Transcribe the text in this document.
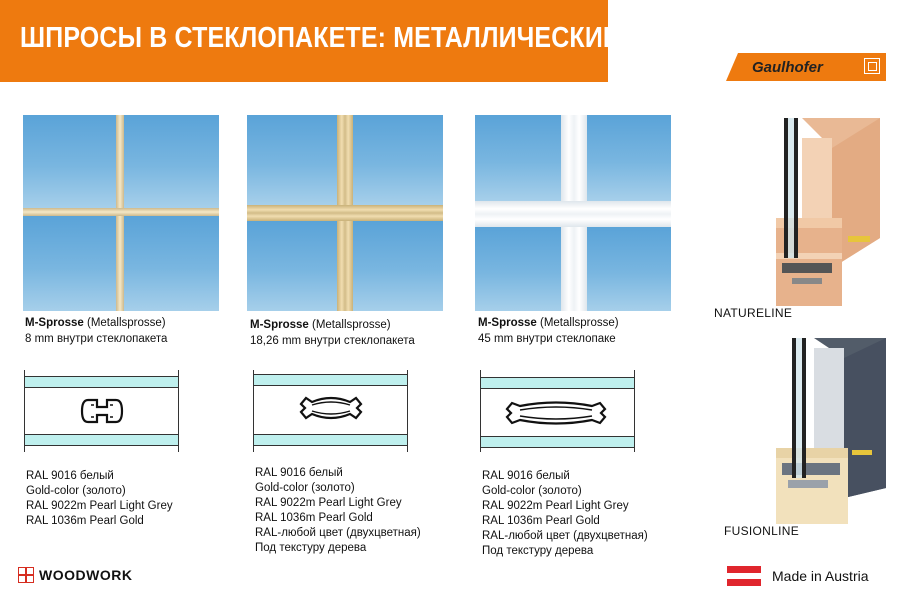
ШПРОСЫ В СТЕКЛОПАКЕТЕ: МЕТАЛЛИЧЕСКИЕ
Gaulhofer
M-Sprosse (Metallsprosse)
8 mm внутри стеклопакета
M-Sprosse (Metallsprosse)
18,26 mm внутри стеклопакета
M-Sprosse (Metallsprosse)
45 mm внутри стеклопаке
RAL 9016 белый
Gold-color (золото)
RAL 9022m Pearl Light Grey
RAL 1036m Pearl Gold
RAL 9016 белый
Gold-color (золото)
RAL 9022m Pearl Light Grey
RAL 1036m Pearl Gold
RAL-любой цвет (двухцветная)
Под текстуру дерева
RAL 9016 белый
Gold-color (золото)
RAL 9022m Pearl Light Grey
RAL 1036m Pearl Gold
RAL-любой цвет (двухцветная)
Под текстуру дерева
NATURELINE
FUSIONLINE
WOODWORK	Made in Austria
